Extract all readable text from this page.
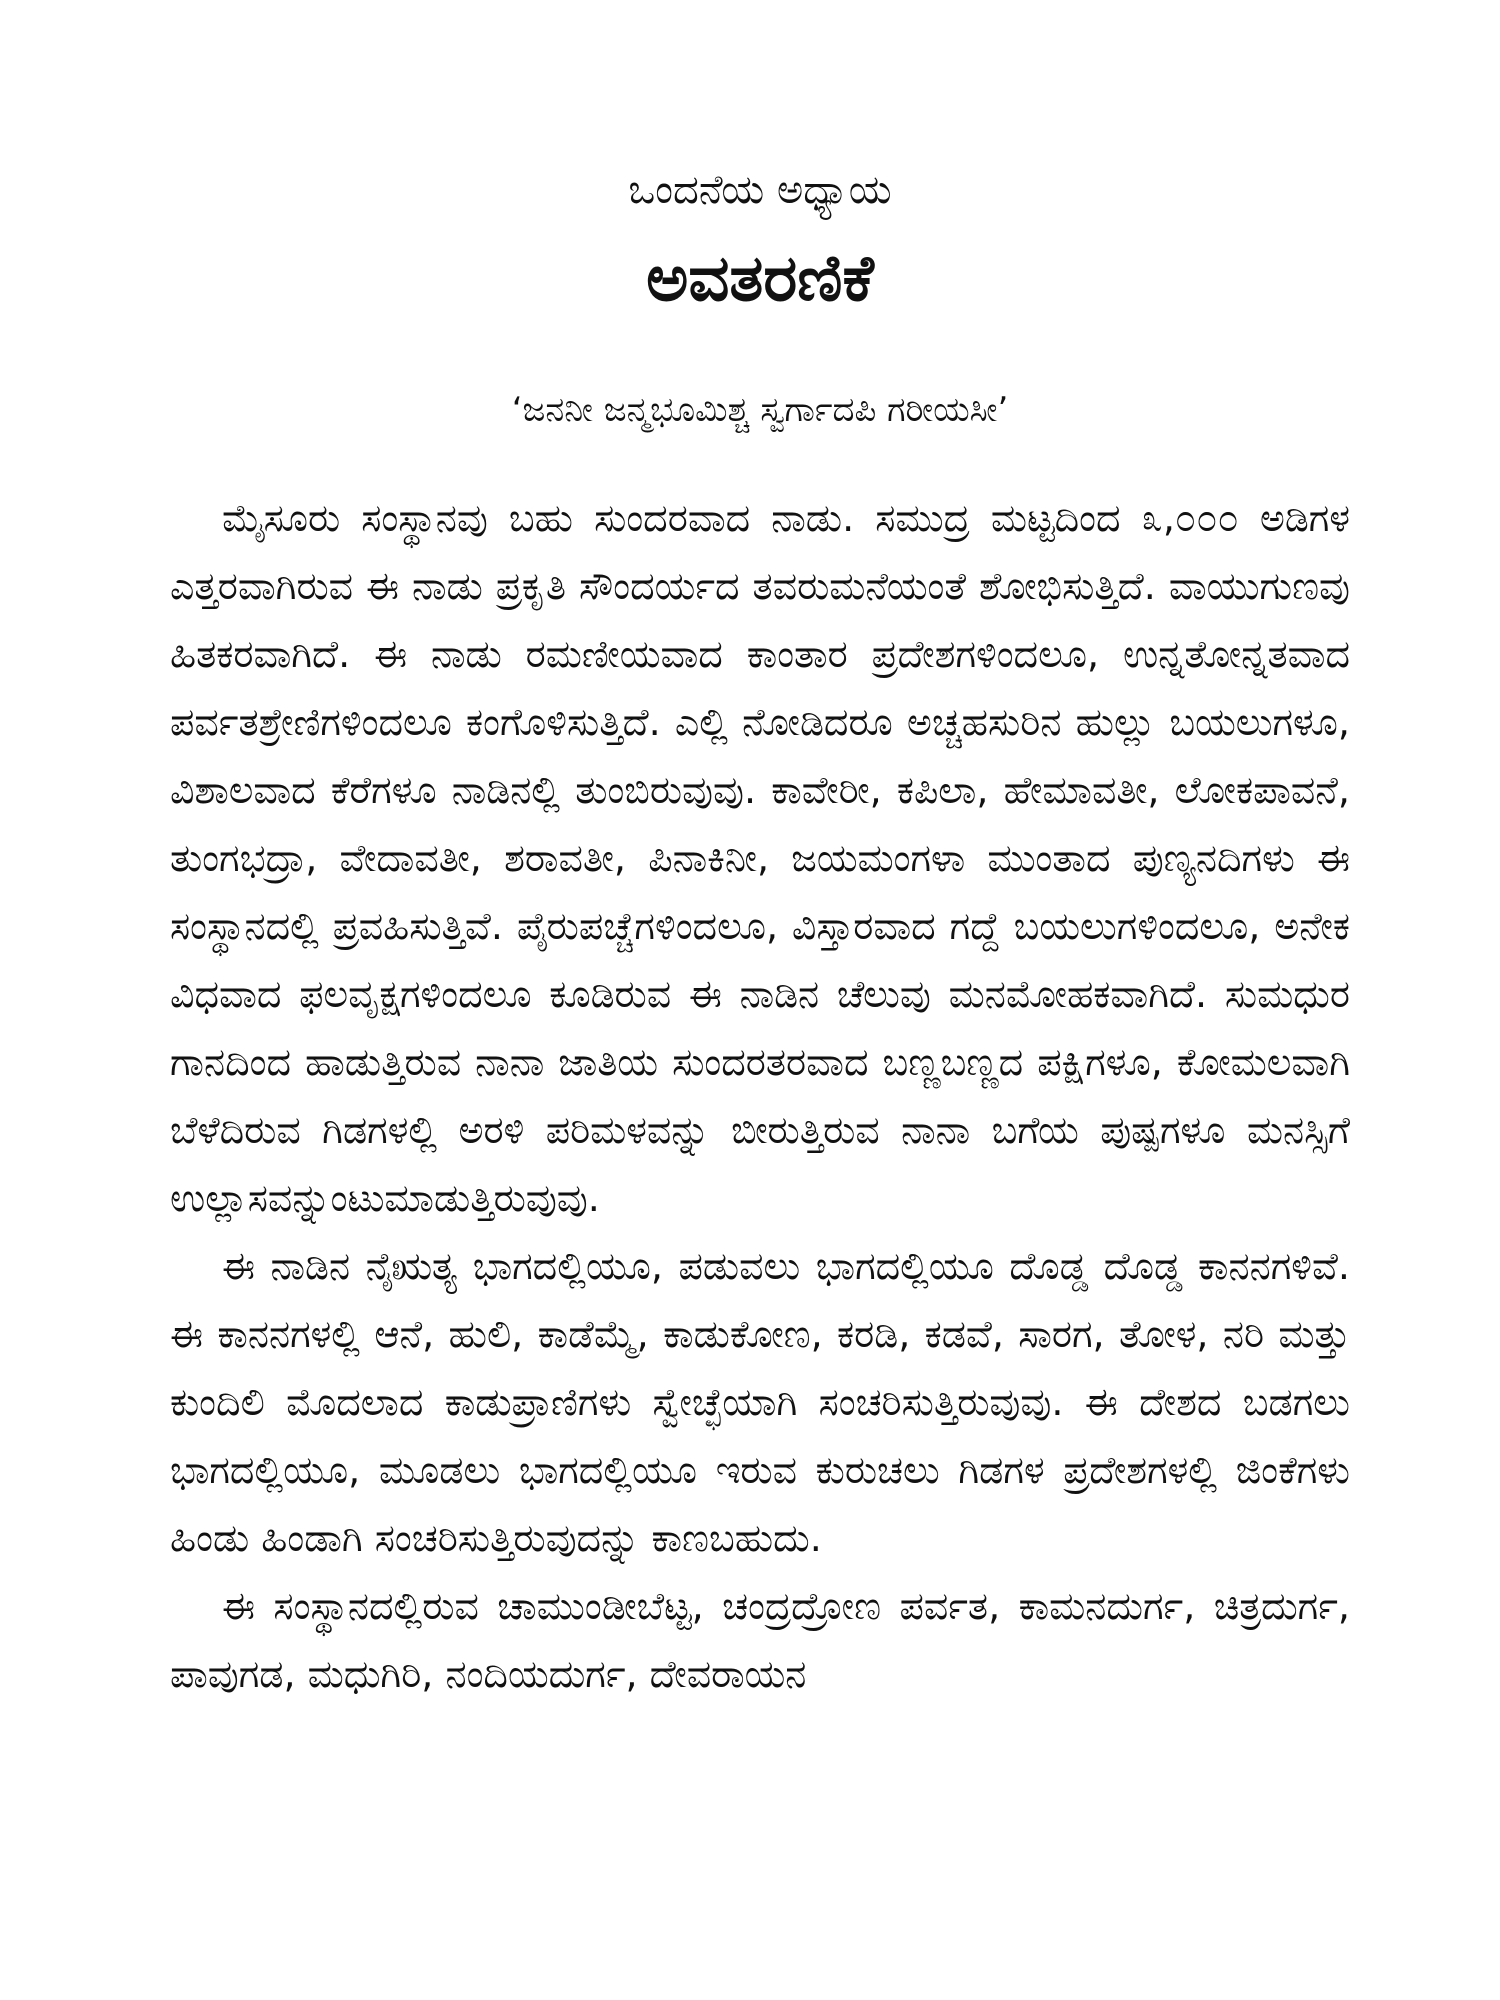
ಒಂದನೆಯ ಅಧ್ಯಾಯ
ಅವತರಣಿಕೆ
‘ಜನನೀ ಜನ್ಮಭೂಮಿಶ್ಚ ಸ್ವರ್ಗಾದಪಿ ಗರೀಯಸೀ’

ಮೈಸೂರು ಸಂಸ್ಥಾನವು ಬಹು ಸುಂದರವಾದ ನಾಡು. ಸಮುದ್ರ ಮಟ್ಟದಿಂದ ೩,೦೦೦ ಅಡಿಗಳ ಎತ್ತರವಾಗಿರುವ ಈ ನಾಡು ಪ್ರಕೃತಿ ಸೌಂದರ್ಯದ ತವರುಮನೆಯಂತೆ ಶೋಭಿಸುತ್ತಿದೆ. ವಾಯುಗುಣವು ಹಿತಕರವಾಗಿದೆ. ಈ ನಾಡು ರಮಣೀಯವಾದ ಕಾಂತಾರ ಪ್ರದೇಶಗಳಿಂದಲೂ, ಉನ್ನತೋನ್ನತವಾದ ಪರ್ವತಶ್ರೇಣಿಗಳಿಂದಲೂ ಕಂಗೊಳಿಸುತ್ತಿದೆ. ಎಲ್ಲಿ ನೋಡಿದರೂ ಅಚ್ಚಹಸುರಿನ ಹುಲ್ಲು ಬಯಲುಗಳೂ, ವಿಶಾಲವಾದ ಕೆರೆಗಳೂ ನಾಡಿನಲ್ಲಿ ತುಂಬಿರುವುವು. ಕಾವೇರೀ, ಕಪಿಲಾ, ಹೇಮಾವತೀ, ಲೋಕಪಾವನೆ, ತುಂಗಭದ್ರಾ, ವೇದಾವತೀ, ಶರಾವತೀ, ಪಿನಾಕಿನೀ, ಜಯಮಂಗಳಾ ಮುಂತಾದ ಪುಣ್ಯನದಿಗಳು ಈ ಸಂಸ್ಥಾನದಲ್ಲಿ ಪ್ರವಹಿಸುತ್ತಿವೆ. ಪೈರುಪಚ್ಚೆಗಳಿಂದಲೂ, ವಿಸ್ತಾರವಾದ ಗದ್ದೆ ಬಯಲುಗಳಿಂದಲೂ, ಅನೇಕ ವಿಧವಾದ ಫಲವೃಕ್ಷಗಳಿಂದಲೂ ಕೂಡಿರುವ ಈ ನಾಡಿನ ಚೆಲುವು ಮನಮೋಹಕವಾಗಿದೆ. ಸುಮಧುರ ಗಾನದಿಂದ ಹಾಡುತ್ತಿರುವ ನಾನಾ ಜಾತಿಯ ಸುಂದರತರವಾದ ಬಣ್ಣಬಣ್ಣದ ಪಕ್ಷಿಗಳೂ, ಕೋಮಲವಾಗಿ ಬೆಳೆದಿರುವ ಗಿಡಗಳಲ್ಲಿ ಅರಳಿ ಪರಿಮಳವನ್ನು ಬೀರುತ್ತಿರುವ ನಾನಾ ಬಗೆಯ ಪುಷ್ಪಗಳೂ ಮನಸ್ಸಿಗೆ ಉಲ್ಲಾಸವನ್ನುಂಟುಮಾಡುತ್ತಿರುವುವು.

ಈ ನಾಡಿನ ನೈಋತ್ಯ ಭಾಗದಲ್ಲಿಯೂ, ಪಡುವಲು ಭಾಗದಲ್ಲಿಯೂ ದೊಡ್ಡ ದೊಡ್ಡ ಕಾನನಗಳಿವೆ. ಈ ಕಾನನಗಳಲ್ಲಿ ಆನೆ, ಹುಲಿ, ಕಾಡೆಮ್ಮೆ, ಕಾಡುಕೋಣ, ಕರಡಿ, ಕಡವೆ, ಸಾರಗ, ತೋಳ, ನರಿ ಮತ್ತು ಕುಂದಿಲಿ ಮೊದಲಾದ ಕಾಡುಪ್ರಾಣಿಗಳು ಸ್ವೇಚ್ಛೆಯಾಗಿ ಸಂಚರಿಸುತ್ತಿರುವುವು. ಈ ದೇಶದ ಬಡಗಲು ಭಾಗದಲ್ಲಿಯೂ, ಮೂಡಲು ಭಾಗದಲ್ಲಿಯೂ ಇರುವ ಕುರುಚಲು ಗಿಡಗಳ ಪ್ರದೇಶಗಳಲ್ಲಿ ಜಿಂಕೆಗಳು ಹಿಂಡು ಹಿಂಡಾಗಿ ಸಂಚರಿಸುತ್ತಿರುವುದನ್ನು ಕಾಣಬಹುದು.

ಈ ಸಂಸ್ಥಾನದಲ್ಲಿರುವ ಚಾಮುಂಡೀಬೆಟ್ಟ, ಚಂದ್ರದ್ರೋಣ ಪರ್ವತ, ಕಾಮನದುರ್ಗ, ಚಿತ್ರದುರ್ಗ, ಪಾವುಗಡ, ಮಧುಗಿರಿ, ನಂದಿಯದುರ್ಗ, ದೇವರಾಯನ
